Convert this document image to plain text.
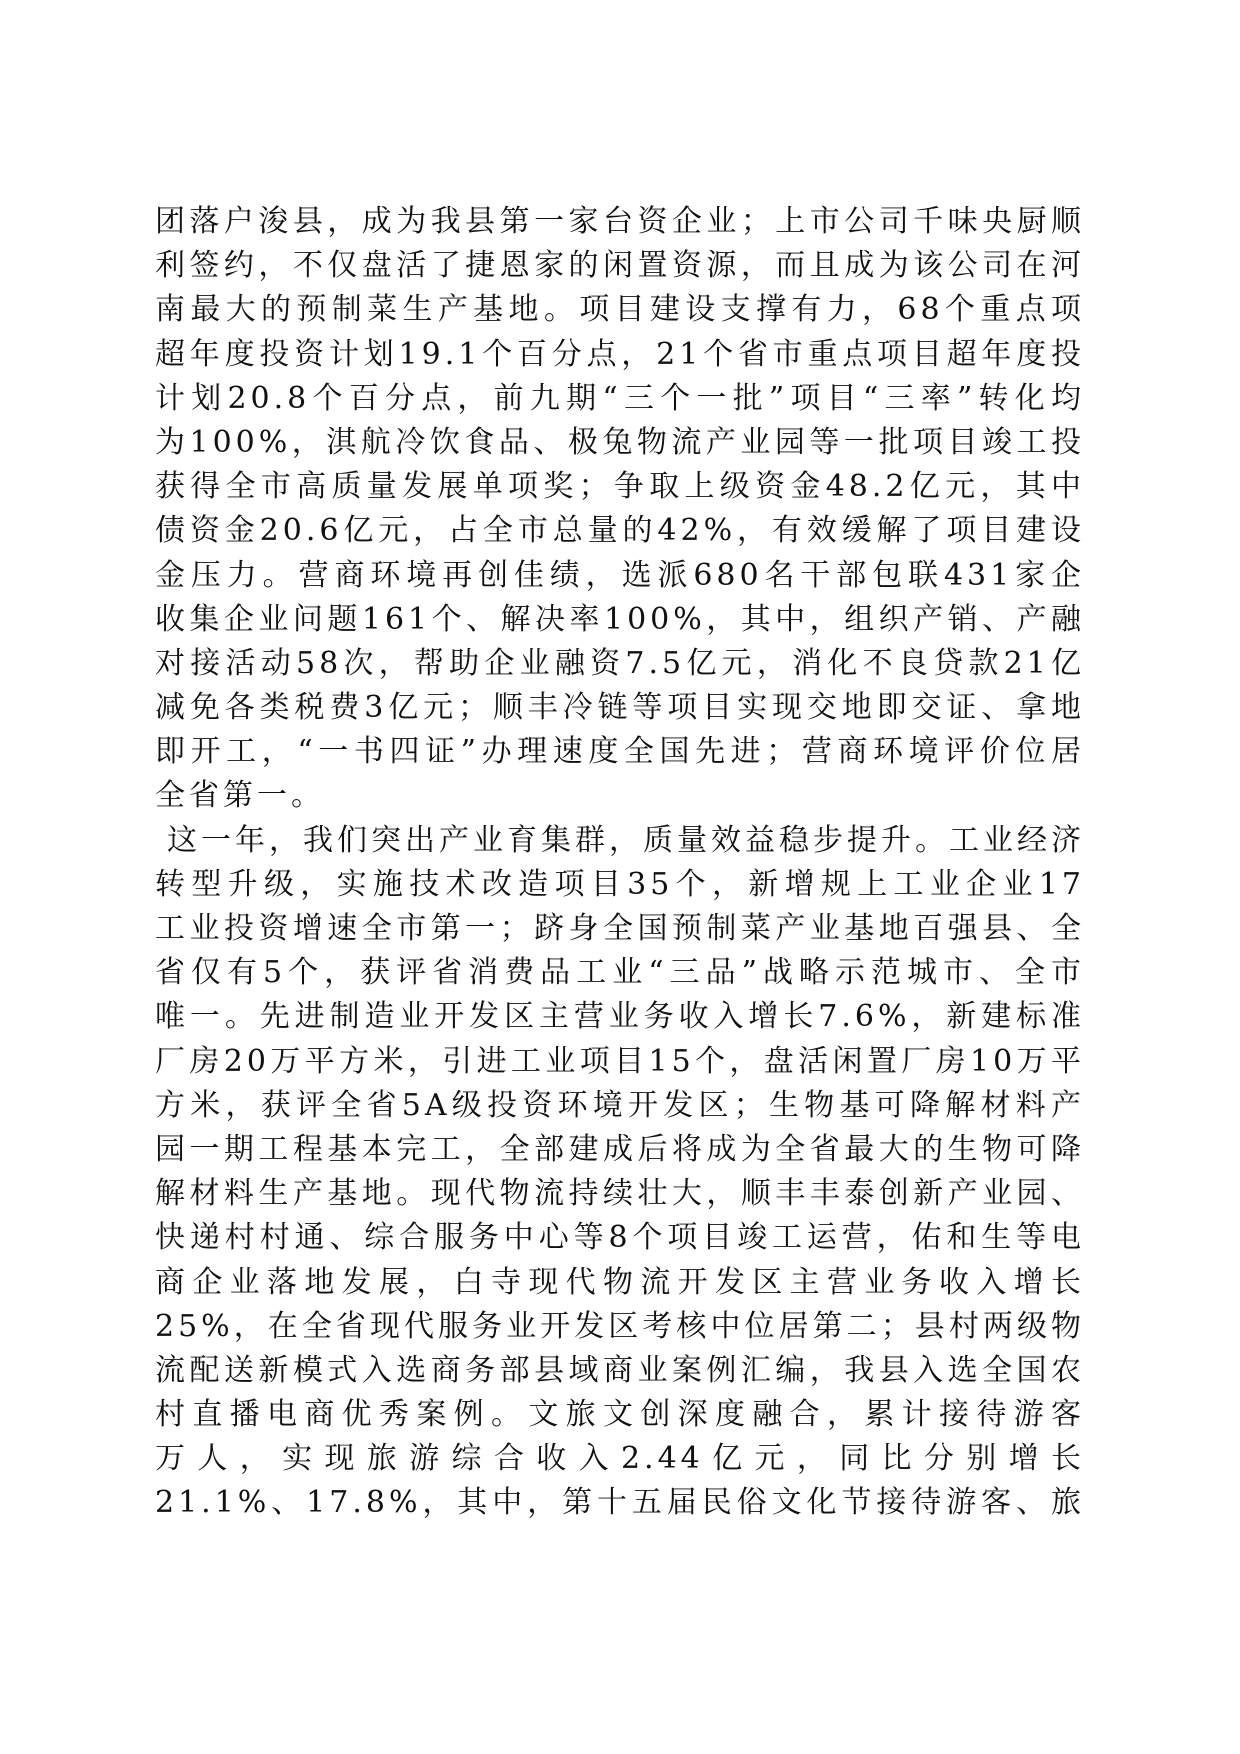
团落户浚县，成为我县第一家台资企业；上市公司千味央厨顺
利签约，不仅盘活了捷恩家的闲置资源，而且成为该公司在河
南最大的预制菜生产基地。项目建设支撑有力，68个重点项
超年度投资计划19.1个百分点，21个省市重点项目超年度投
计划20.8个百分点，前九期“三个一批”项目“三率”转化均
为100%，淇航冷饮食品、极兔物流产业园等一批项目竣工投
获得全市高质量发展单项奖；争取上级资金48.2亿元，其中
债资金20.6亿元，占全市总量的42%，有效缓解了项目建设
金压力。营商环境再创佳绩，选派680名干部包联431家企
收集企业问题161个、解决率100%，其中，组织产销、产融
对接活动58次，帮助企业融资7.5亿元，消化不良贷款21亿
减免各类税费3亿元；顺丰冷链等项目实现交地即交证、拿地
即开工，“一书四证”办理速度全国先进；营商环境评价位居
全省第一。
这一年，我们突出产业育集群，质量效益稳步提升。工业经济
转型升级，实施技术改造项目35个，新增规上工业企业17
工业投资增速全市第一；跻身全国预制菜产业基地百强县、全
省仅有5个，获评省消费品工业“三品”战略示范城市、全市
唯一。先进制造业开发区主营业务收入增长7.6%，新建标准
厂房20万平方米，引进工业项目15个，盘活闲置厂房10万平
方米，获评全省5A级投资环境开发区；生物基可降解材料产
园一期工程基本完工，全部建成后将成为全省最大的生物可降
解材料生产基地。现代物流持续壮大，顺丰丰泰创新产业园、
快递村村通、综合服务中心等8个项目竣工运营，佑和生等电
商企业落地发展，白寺现代物流开发区主营业务收入增长
25%，在全省现代服务业开发区考核中位居第二；县村两级物
流配送新模式入选商务部县域商业案例汇编，我县入选全国农
村直播电商优秀案例。文旅文创深度融合，累计接待游客
万人，实现旅游综合收入2.44亿元，同比分别增长
21.1%、17.8%，其中，第十五届民俗文化节接待游客、旅
